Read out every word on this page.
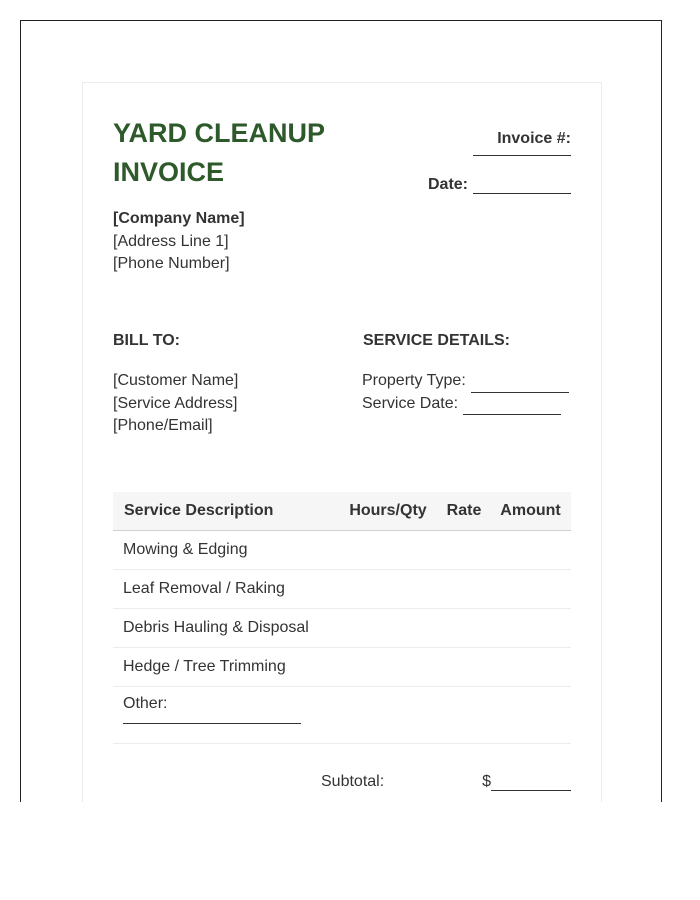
YARD CLEANUP INVOICE
Invoice #:
Date:
[Company Name]
[Address Line 1]
[Phone Number]
BILL TO:	SERVICE DETAILS:
[Customer Name]
[Service Address]
[Phone/Email]
Property Type:
Service Date:
Service Description	Hours/Qty	Rate	Amount
Mowing & Edging
Leaf Removal / Raking
Debris Hauling & Disposal
Hedge / Tree Trimming
Other:
Subtotal:	$
